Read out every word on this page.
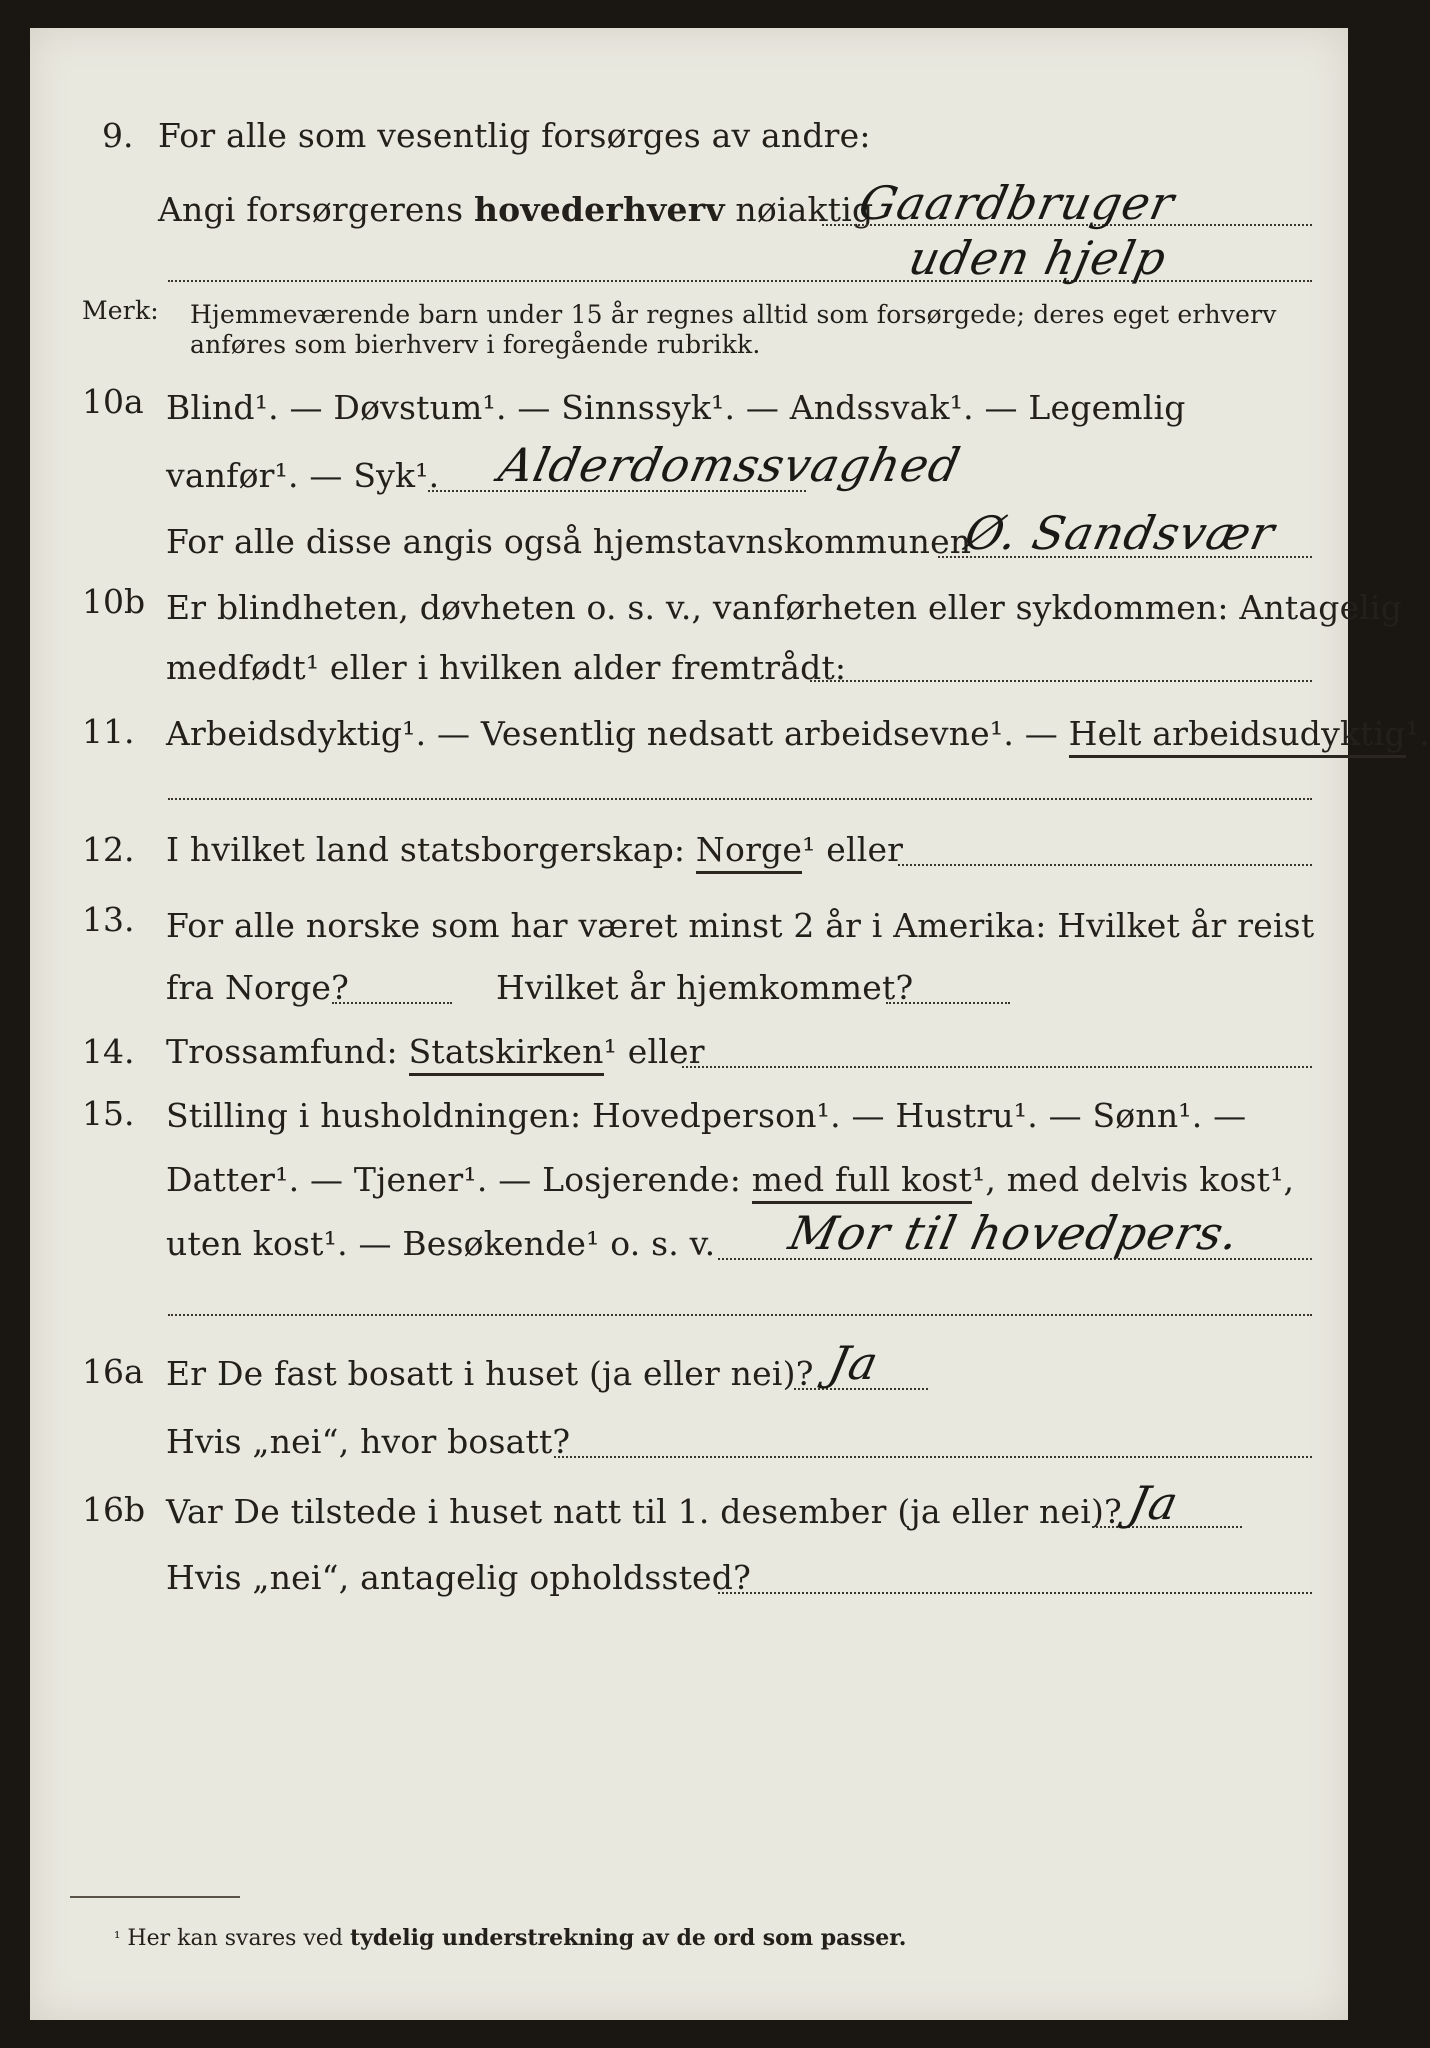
9. For alle som vesentlig forsørges av andre:
Angi forsørgerens hovederhverv nøiaktig
Gaardbruger
uden hjelp
Merk: Hjemmeværende barn under 15 år regnes alltid som forsørgede; deres eget erhverv
anføres som bierhverv i foregående rubrikk.
10a Blind¹. — Døvstum¹. — Sinnssyk¹. — Andssvak¹. — Legemlig
vanfør¹. — Syk¹. Alderdomssvaghed
For alle disse angis også hjemstavnskommunen
Ø. Sandsvær
10b Er blindheten, døvheten o. s. v., vanførheten eller sykdommen: Antagelig
medfødt¹ eller i hvilken alder fremtrådt:
11. Arbeidsdyktig¹. — Vesentlig nedsatt arbeidsevne¹. — Helt arbeidsudyktig¹.
12. I hvilket land statsborgerskap: Norge¹ eller
13. For alle norske som har været minst 2 år i Amerika: Hvilket år reist
fra Norge?	Hvilket år hjemkommet?
14. Trossamfund: Statskirken¹ eller
15. Stilling i husholdningen: Hovedperson¹. — Hustru¹. — Sønn¹. —
Datter¹. — Tjener¹. — Losjerende: med full kost¹, med delvis kost¹,
uten kost¹. — Besøkende¹ o. s. v. Mor til hovedpers.
16a Er De fast bosatt i huset (ja eller nei)? Ja
Hvis „nei“, hvor bosatt?
16b Var De tilstede i huset natt til 1. desember (ja eller nei)? Ja
Hvis „nei“, antagelig opholdssted?
$^{^1}$ Her kan svares ved tydelig understrekning av de ord som passer.
